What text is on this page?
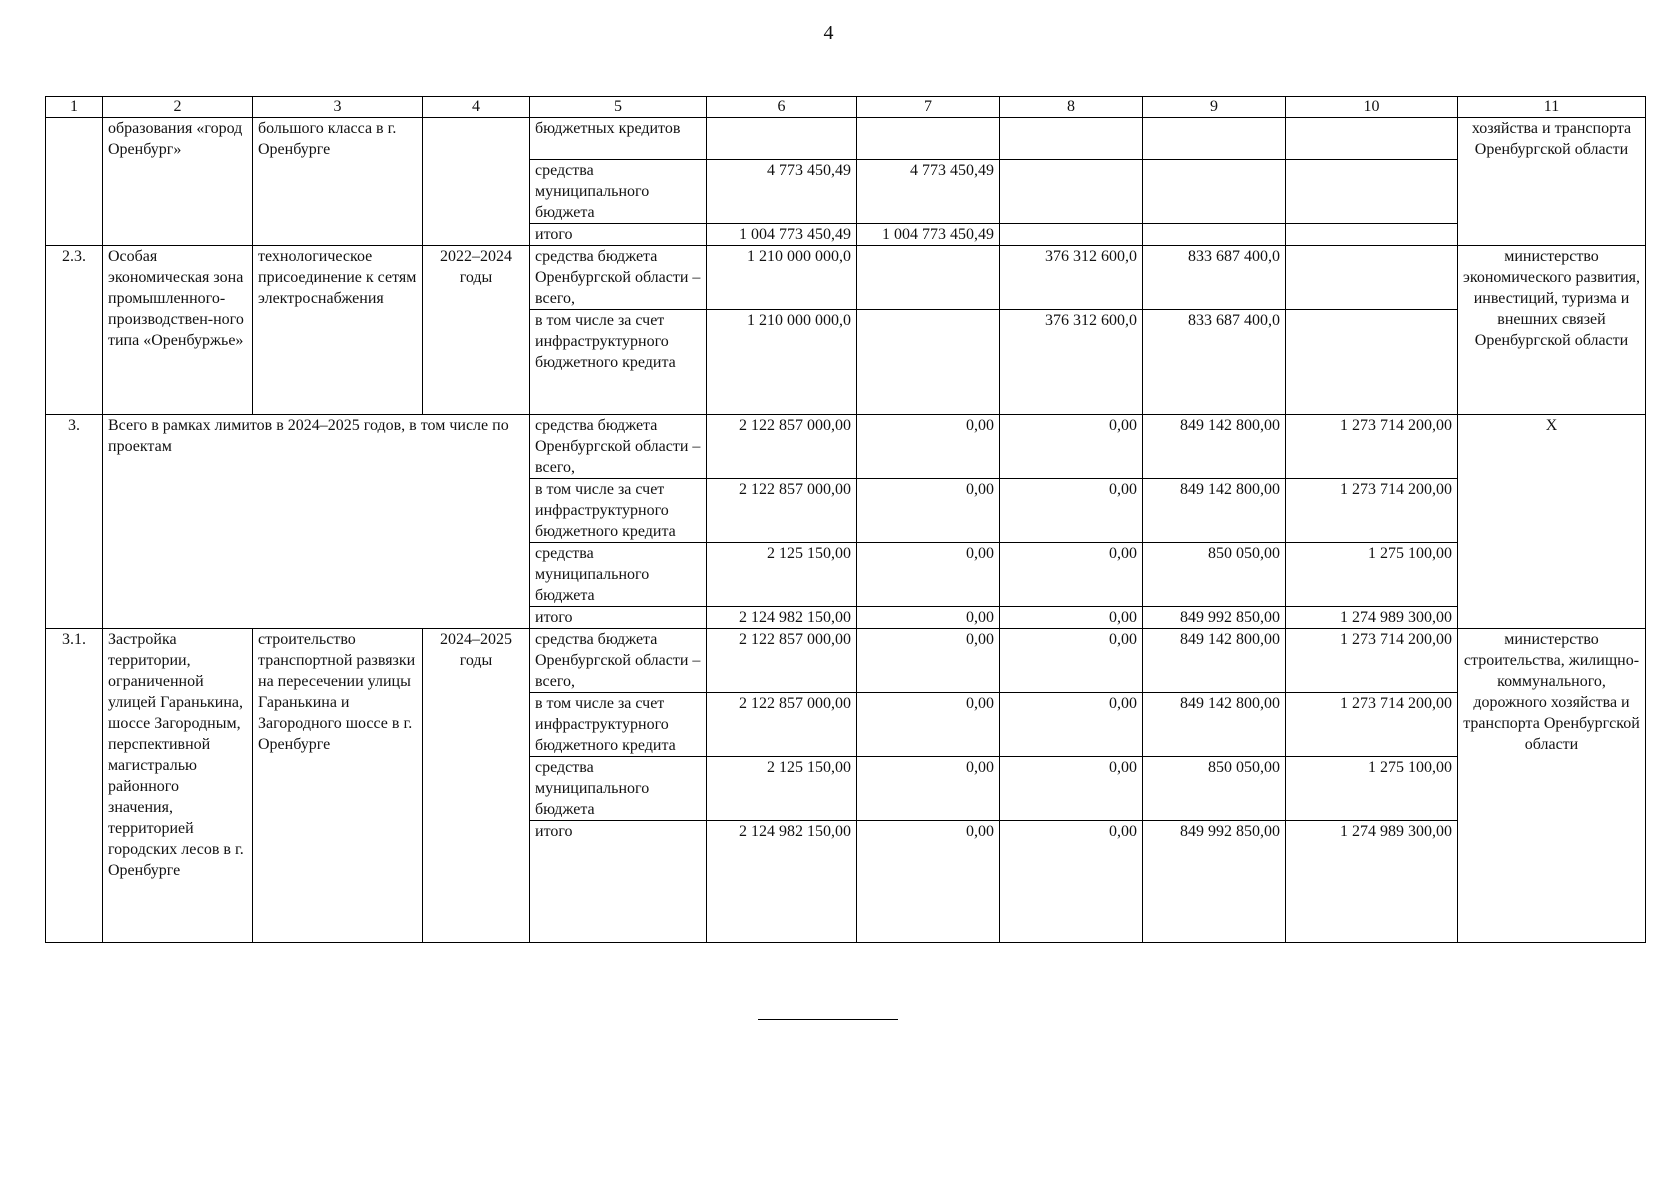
4
1	2	3	4	5	6	7	8	9	10	11
	образования «город Оренбург»	большого класса в г. Оренбурге		бюджетных кредитов						хозяйства и транспорта Оренбургской области
				средства муниципального бюджета	4 773 450,49	4 773 450,49				
				итого	1 004 773 450,49	1 004 773 450,49				
2.3.	Особая экономическая зона промышленного-производствен-ного типа «Оренбуржье»	технологическое присоединение к сетям электроснабжения	2022–2024 годы	средства бюджета Оренбургской области – всего,	1 210 000 000,0		376 312 600,0	833 687 400,0		министерство экономического развития, инвестиций, туризма и внешних связей Оренбургской области
				в том числе за счет инфраструктурного бюджетного кредита	1 210 000 000,0		376 312 600,0	833 687 400,0		
3.	Всего в рамках лимитов в 2024–2025 годов, в том числе по проектам			средства бюджета Оренбургской области – всего,	2 122 857 000,00	0,00	0,00	849 142 800,00	1 273 714 200,00	Х
				в том числе за счет инфраструктурного бюджетного кредита	2 122 857 000,00	0,00	0,00	849 142 800,00	1 273 714 200,00	
				средства муниципального бюджета	2 125 150,00	0,00	0,00	850 050,00	1 275 100,00	
				итого	2 124 982 150,00	0,00	0,00	849 992 850,00	1 274 989 300,00	
3.1.	Застройка территории, ограниченной улицей Гаранькина, шоссе Загородным, перспективной магистралью районного значения, территорией городских лесов в г. Оренбурге	строительство транспортной развязки на пересечении улицы Гаранькина и Загородного шоссе в г. Оренбурге	2024–2025 годы	средства бюджета Оренбургской области – всего,	2 122 857 000,00	0,00	0,00	849 142 800,00	1 273 714 200,00	министерство строительства, жилищно-коммунального, дорожного хозяйства и транспорта Оренбургской области
				в том числе за счет инфраструктурного бюджетного кредита	2 122 857 000,00	0,00	0,00	849 142 800,00	1 273 714 200,00	
				средства муниципального бюджета	2 125 150,00	0,00	0,00	850 050,00	1 275 100,00	
				итого	2 124 982 150,00	0,00	0,00	849 992 850,00	1 274 989 300,00	
